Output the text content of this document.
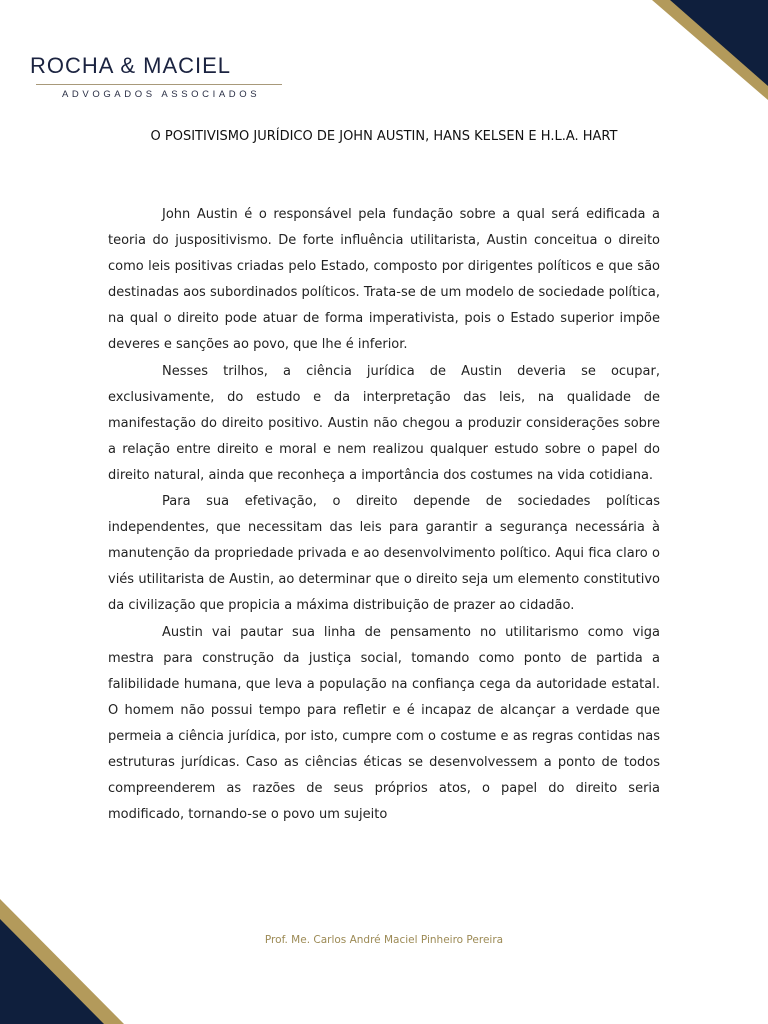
ROCHA & MACIEL
ADVOGADOS ASSOCIADOS
O POSITIVISMO JURÍDICO DE JOHN AUSTIN, HANS KELSEN E H.L.A. HART

John Austin é o responsável pela fundação sobre a qual será edificada a teoria do juspositivismo. De forte influência utilitarista, Austin conceitua o direito como leis positivas criadas pelo Estado, composto por dirigentes políticos e que são destinadas aos subordinados políticos. Trata-se de um modelo de sociedade política, na qual o direito pode atuar de forma imperativista, pois o Estado superior impõe deveres e sanções ao povo, que lhe é inferior.

Nesses trilhos, a ciência jurídica de Austin deveria se ocupar, exclusivamente, do estudo e da interpretação das leis, na qualidade de manifestação do direito positivo. Austin não chegou a produzir considerações sobre a relação entre direito e moral e nem realizou qualquer estudo sobre o papel do direito natural, ainda que reconheça a importância dos costumes na vida cotidiana.

Para sua efetivação, o direito depende de sociedades políticas independentes, que necessitam das leis para garantir a segurança necessária à manutenção da propriedade privada e ao desenvolvimento político. Aqui fica claro o viés utilitarista de Austin, ao determinar que o direito seja um elemento constitutivo da civilização que propicia a máxima distribuição de prazer ao cidadão.

Austin vai pautar sua linha de pensamento no utilitarismo como viga mestra para construção da justiça social, tomando como ponto de partida a falibilidade humana, que leva a população na confiança cega da autoridade estatal. O homem não possui tempo para refletir e é incapaz de alcançar a verdade que permeia a ciência jurídica, por isto, cumpre com o costume e as regras contidas nas estruturas jurídicas. Caso as ciências éticas se desenvolvessem a ponto de todos compreenderem as razões de seus próprios atos, o papel do direito seria modificado, tornando-se o povo um sujeito

Prof. Me. Carlos André Maciel Pinheiro Pereira
